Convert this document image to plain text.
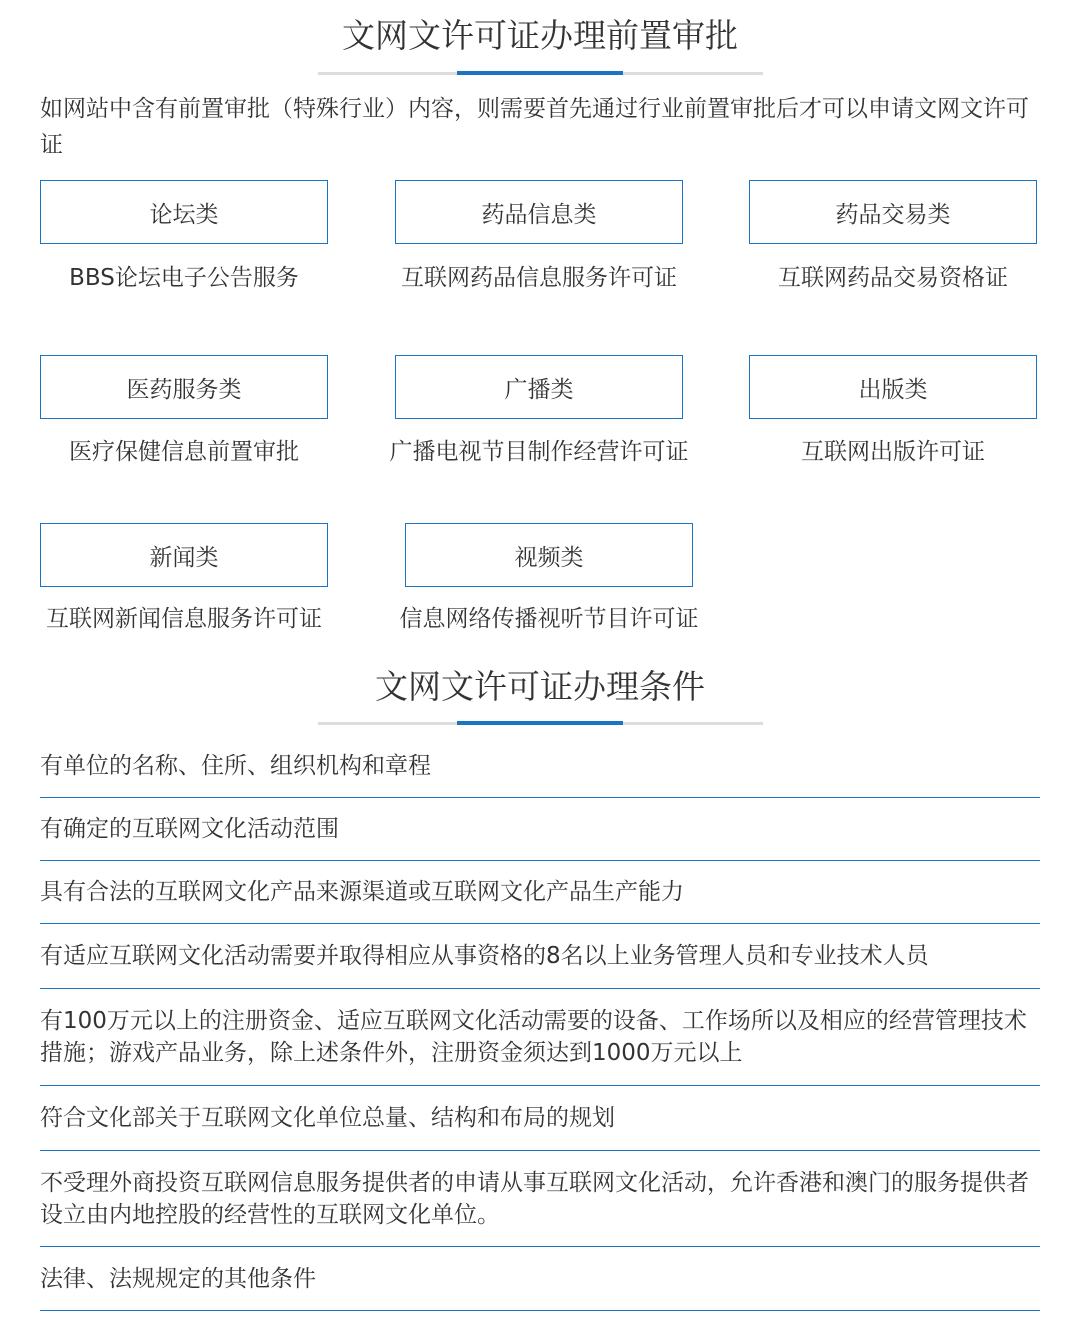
文网文许可证办理前置审批

如网站中含有前置审批（特殊行业）内容，则需要首先通过行业前置审批后才可以申请文网文许可证

论坛类
BBS论坛电子公告服务
药品信息类
互联网药品信息服务许可证
药品交易类
互联网药品交易资格证
医药服务类
医疗保健信息前置审批
广播类
广播电视节目制作经营许可证
出版类
互联网出版许可证
新闻类
互联网新闻信息服务许可证
视频类
信息网络传播视听节目许可证
文网文许可证办理条件
有单位的名称、住所、组织机构和章程
有确定的互联网文化活动范围
具有合法的互联网文化产品来源渠道或互联网文化产品生产能力
有适应互联网文化活动需要并取得相应从事资格的8名以上业务管理人员和专业技术人员
有100万元以上的注册资金、适应互联网文化活动需要的设备、工作场所以及相应的经营管理技术措施；游戏产品业务，除上述条件外，注册资金须达到1000万元以上
符合文化部关于互联网文化单位总量、结构和布局的规划
不受理外商投资互联网信息服务提供者的申请从事互联网文化活动，允许香港和澳门的服务提供者设立由内地控股的经营性的互联网文化单位。
法律、法规规定的其他条件
